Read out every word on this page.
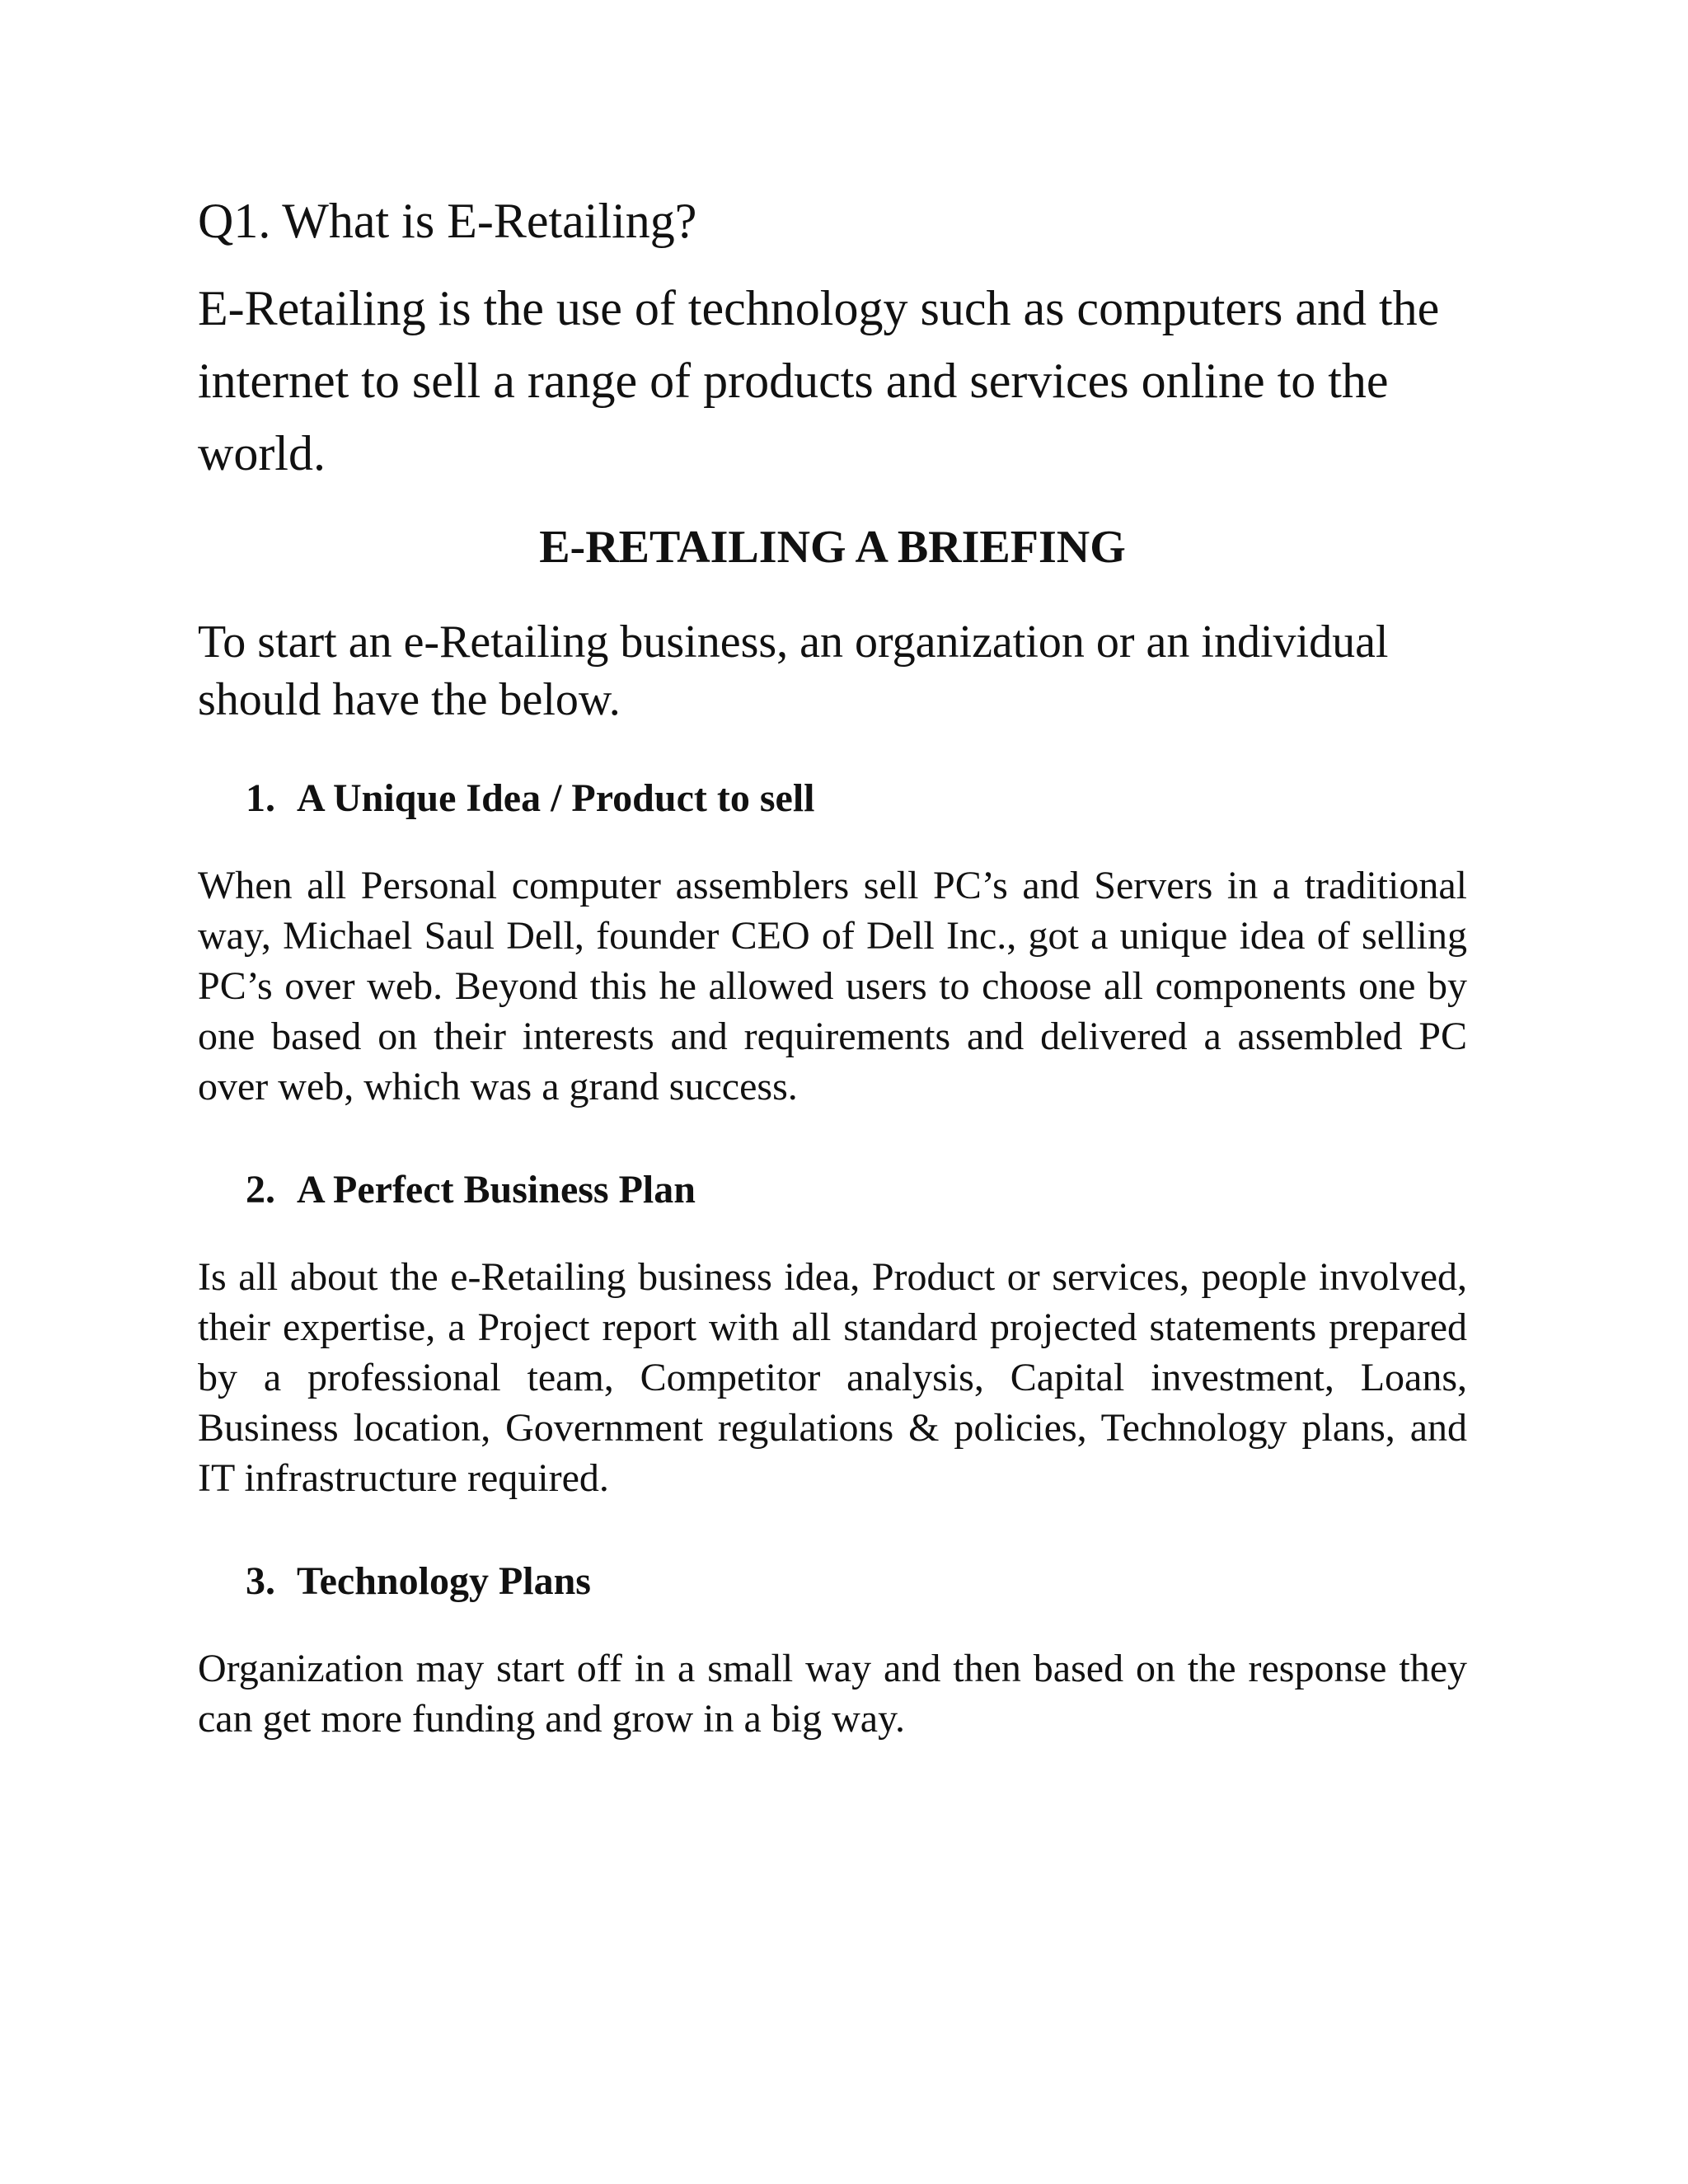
Q1. What is E-Retailing?

E-Retailing is the use of technology such as computers and the internet to sell a range of products and services online to the world.

E-RETAILING A BRIEFING

To start an e-Retailing business, an organization or an individual should have the below.

1. A Unique Idea / Product to sell

When all Personal computer assemblers sell PC’s and Servers in a traditional way, Michael Saul Dell, founder CEO of Dell Inc., got a unique idea of selling PC’s over web. Beyond this he allowed users to choose all components one by one based on their interests and requirements and delivered a assembled PC over web, which was a grand success.

2. A Perfect Business Plan

Is all about the e-Retailing business idea, Product or services, people involved, their expertise, a Project report with all standard projected statements prepared by a professional team, Competitor analysis, Capital investment, Loans, Business location, Government regulations & policies, Technology plans, and IT infrastructure required.

3. Technology Plans

Organization may start off in a small way and then based on the response they can get more funding and grow in a big way.
